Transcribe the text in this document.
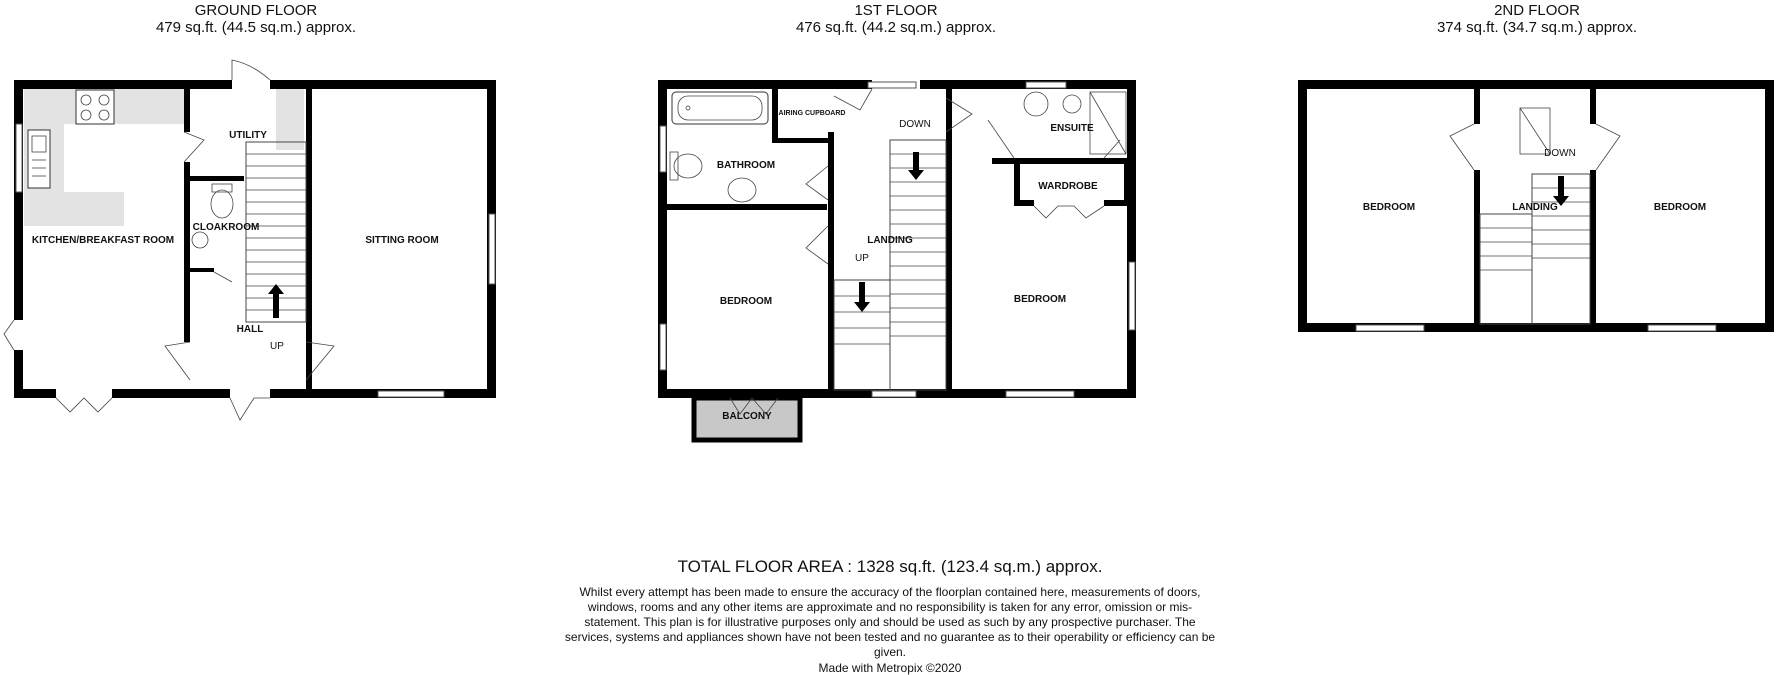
GROUND FLOOR
479 sq.ft. (44.5 sq.m.) approx.
1ST FLOOR
476 sq.ft. (44.2 sq.m.) approx.
2ND FLOOR
374 sq.ft. (34.7 sq.m.) approx.
KITCHEN/BREAKFAST ROOM
UTILITY
CLOAKROOM
HALL
UP
SITTING ROOM
BATHROOM
AIRING CUPBOARD
DOWN	ENSUITE
WARDROBE
LANDING
UP
BEDROOM	BEDROOM
BALCONY
BEDROOM	LANDING
DOWN
BEDROOM
TOTAL FLOOR AREA : 1328 sq.ft. (123.4 sq.m.) approx.
Whilst every attempt has been made to ensure the accuracy of the floorplan contained here, measurements of doors, windows, rooms and any other items are approximate and no responsibility is taken for any error, omission or mis-statement. This plan is for illustrative purposes only and should be used as such by any prospective purchaser. The services, systems and appliances shown have not been tested and no guarantee as to their operability or efficiency can be given.
Made with Metropix ©2020
